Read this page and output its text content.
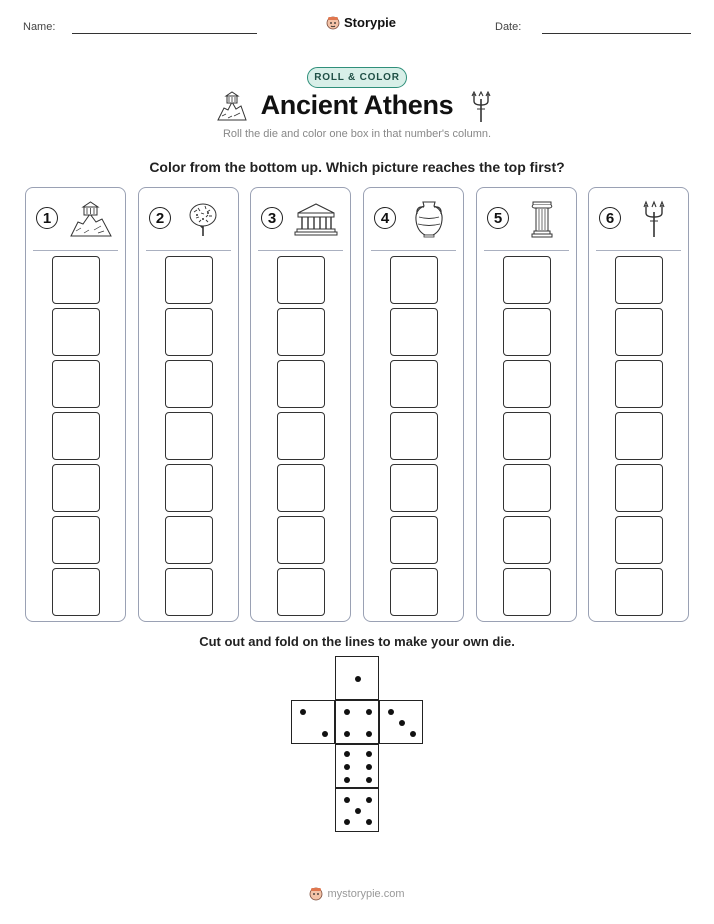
Name:	Storypie	Date:
ROLL & COLOR
Ancient Athens
Roll the die and color one box in that number's column.
Color from the bottom up. Which picture reaches the top first?
1	2	3	4	5	6
Cut out and fold on the lines to make your own die.
mystorypie.com
